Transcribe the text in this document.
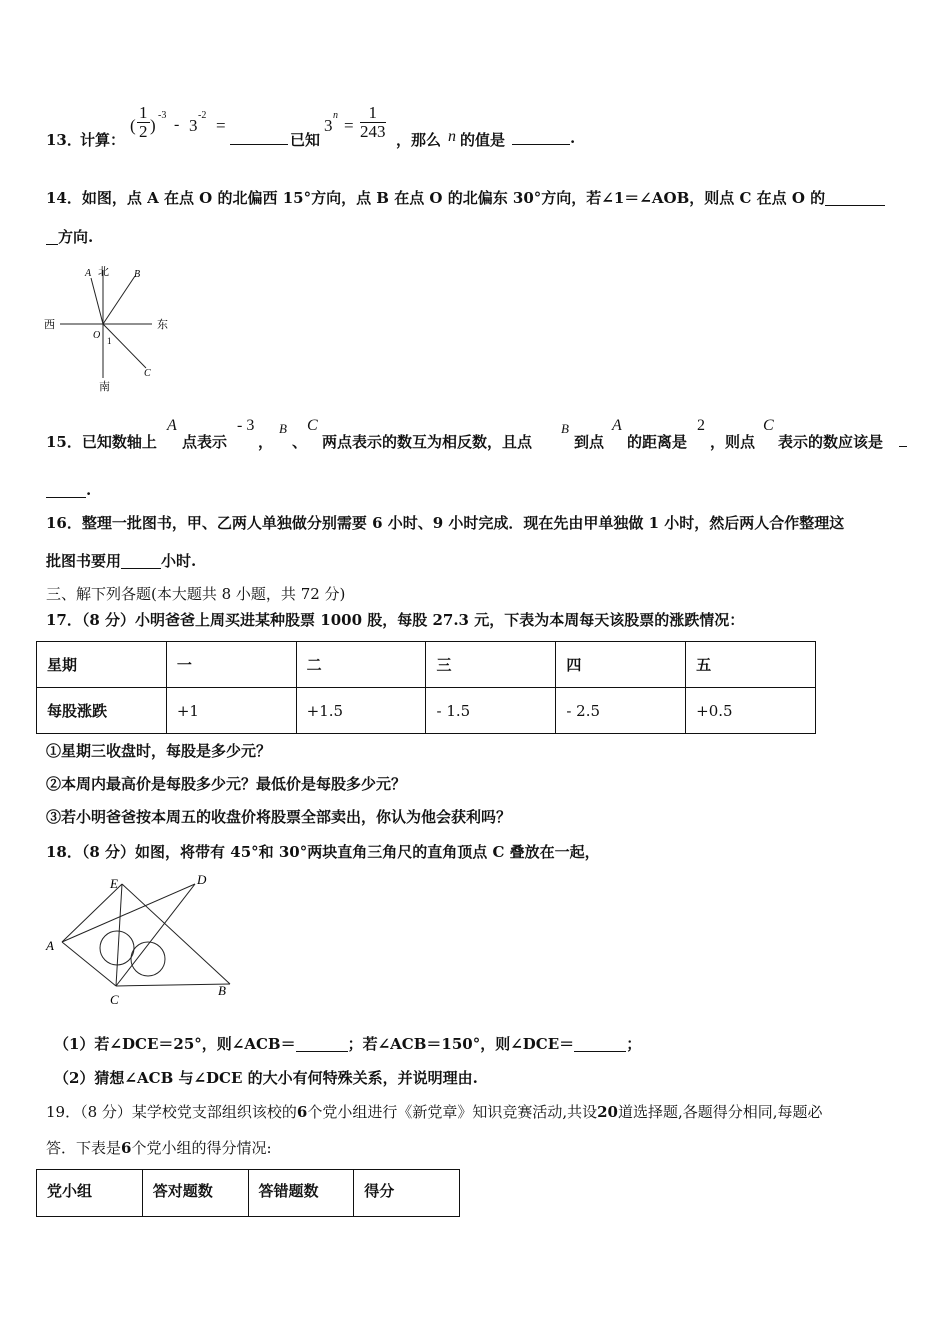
13．
计算：
( $\frac{1}{2}$ )
-3
- 3
-2
=
已知
3
n
= $\frac{1}{243}$ ，那么 n 的值是	.
14．如图，点 A 在点 O 的北偏西 15°方向，点 B 在点 O 的北偏东 30°方向，若∠1＝∠AOB，则点 C 在点 O 的
方向.
北
A	B
西	东
O 1
C
南
15．已知数轴上
A
点表示
- 3
，
B
、
C
两点表示的数互为相反数，且点
B
到点
A
的距离是
2
，则点
C
表示的数应该是
.
16．整理一批图书，甲、乙两人单独做分别需要 6 小时、9 小时完成．现在先由甲单独做 1 小时，然后两人合作整理这
批图书要用	小时.
三、解下列各题(本大题共 8 小题，共 72 分)
17．（8 分）小明爸爸上周买进某种股票 1000 股，每股 27.3 元，下表为本周每天该股票的涨跌情况：
星期	一	二	三	四	五
每股涨跌	+1	+1.5	- 1.5	- 2.5	+0.5
①星期三收盘时，每股是多少元？
②本周内最高价是每股多少元？最低价是每股多少元？
③若小明爸爸按本周五的收盘价将股票全部卖出，你认为他会获利吗？
18．（8 分）如图，将带有 45°和 30°两块直角三角尺的直角顶点 C 叠放在一起，
E	D
A
C
B
（1）若∠DCE＝25°，则∠ACB＝	；若∠ACB＝150°，则∠DCE＝	；
（2）猜想∠ACB 与∠DCE 的大小有何特殊关系，并说明理由.
19．（8 分）某学校党支部组织该校的6个党小组进行《新党章》知识竞赛活动,共设20道选择题,各题得分相同,每题必
答．下表是6个党小组的得分情况:
党小组	答对题数	答错题数	得分
